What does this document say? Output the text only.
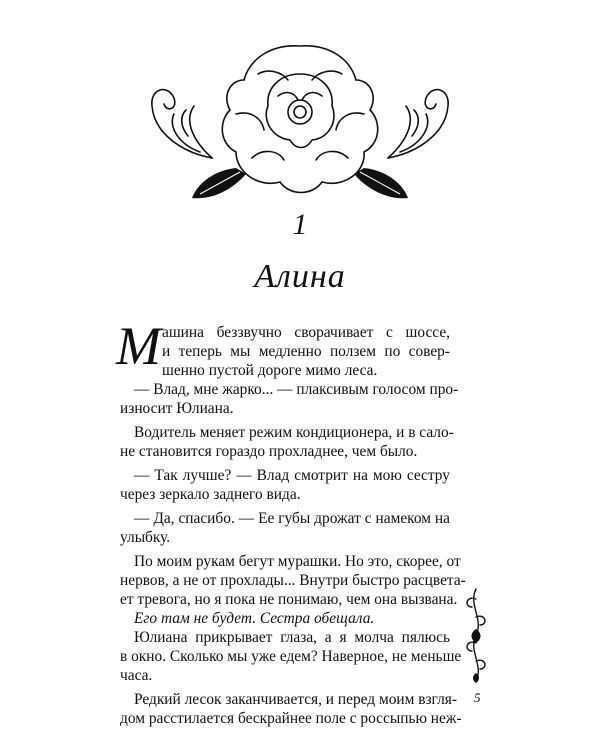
1
Алина
М ашина беззвучно сворачивает с шоссе,
и теперь мы медленно ползем по совер-
шенно пустой дороге мимо леса.
— Влад, мне жарко... — плаксивым голосом про-
износит Юлиана.
Водитель меняет режим кондиционера, и в сало-
не становится гораздо прохладнее, чем было.
— Так лучше? — Влад смотрит на мою сестру
через зеркало заднего вида.
— Да, спасибо. — Ее губы дрожат с намеком на
улыбку.
По моим рукам бегут мурашки. Но это, скорее, от
нервов, а не от прохлады... Внутри быстро расцвета-
ет тревога, но я пока не понимаю, чем она вызвана.
Его там не будет. Сестра обещала.
Юлиана прикрывает глаза, а я молча пялюсь
в окно. Сколько мы уже едем? Наверное, не меньше
часа.
Редкий лесок заканчивается, и перед моим взгля-
дом расстилается бескрайнее поле с россыпью неж-
5
